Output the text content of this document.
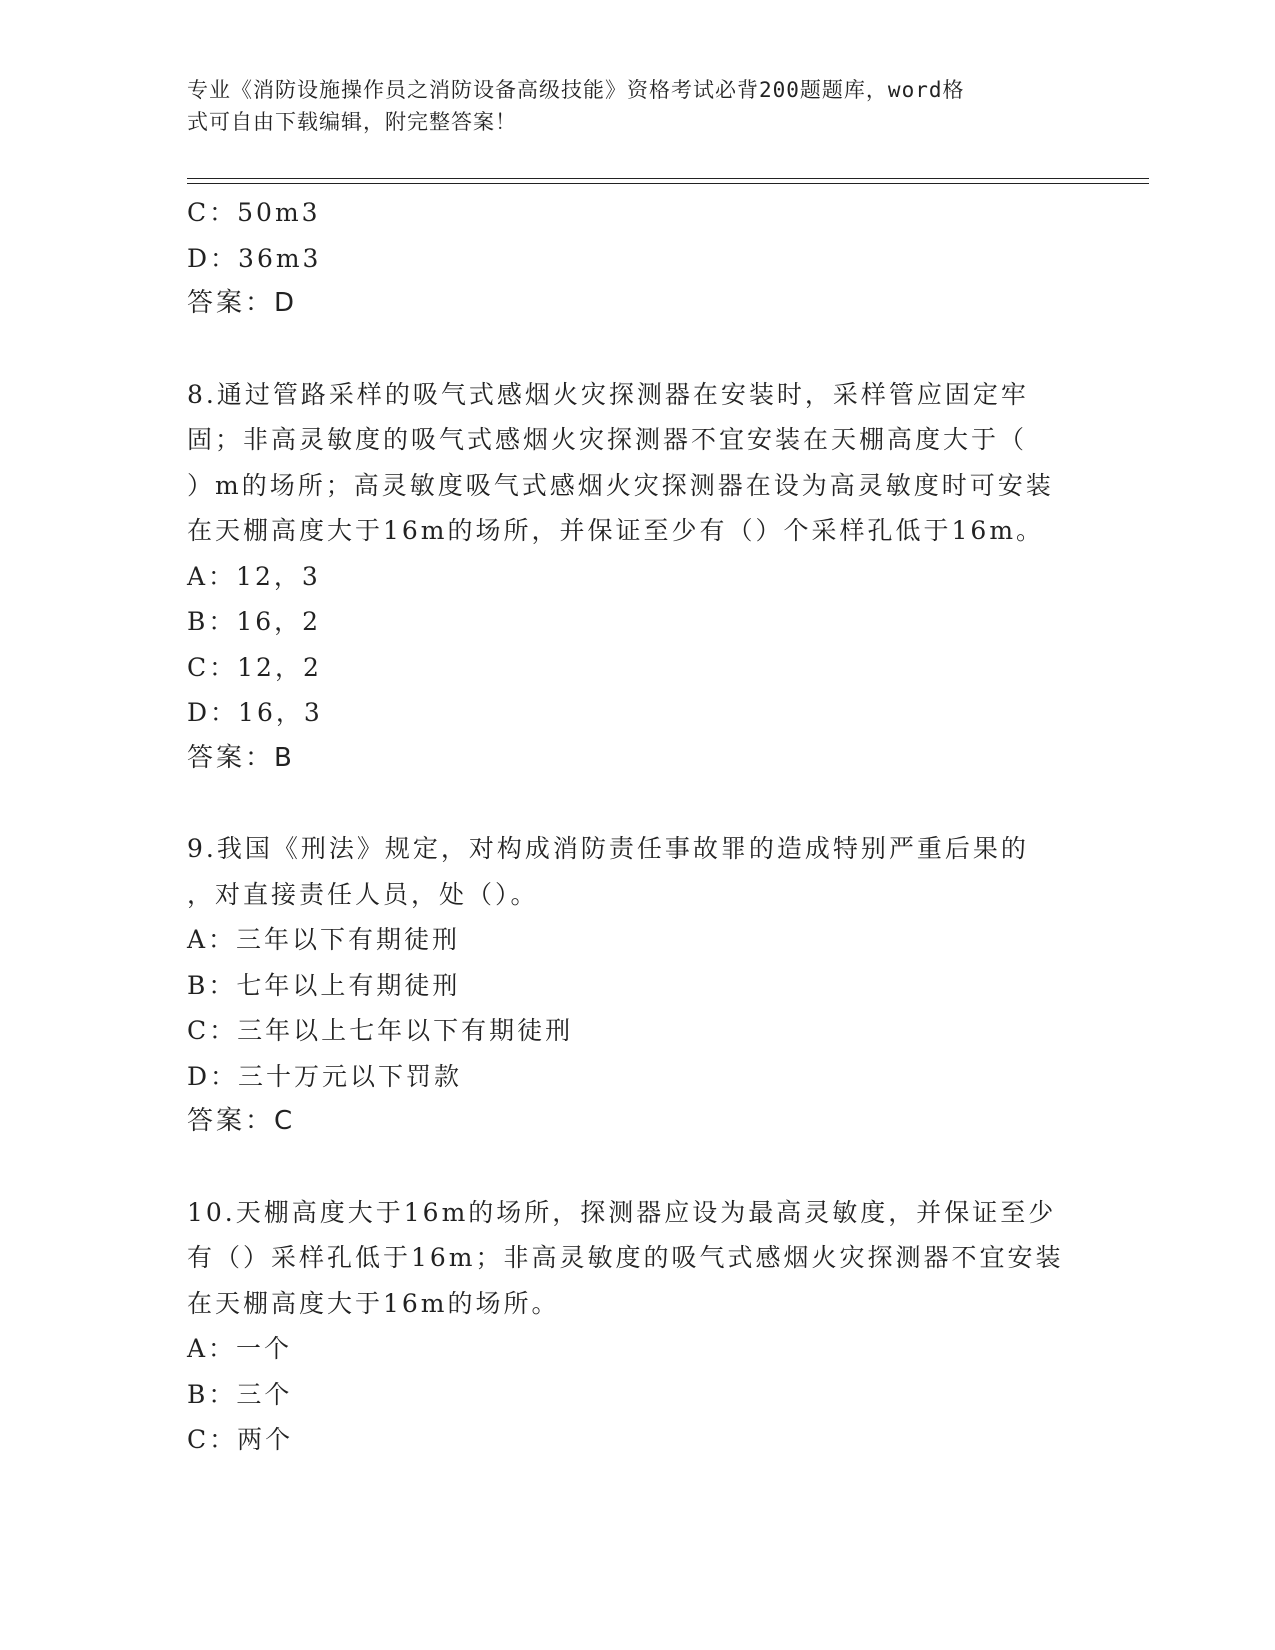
专业《消防设施操作员之消防设备高级技能》资格考试必背200题题库，word格
式可自由下载编辑，附完整答案！
C：50m3
D：36m3
答案：D
8.通过管路采样的吸气式感烟火灾探测器在安装时，采样管应固定牢
固；非高灵敏度的吸气式感烟火灾探测器不宜安装在天棚高度大于（
）m的场所；高灵敏度吸气式感烟火灾探测器在设为高灵敏度时可安装
在天棚高度大于16m的场所，并保证至少有（）个采样孔低于16m。
A：12，3
B：16，2
C：12，2
D：16，3
答案：B
9.我国《刑法》规定，对构成消防责任事故罪的造成特别严重后果的
，对直接责任人员，处（）。
A：三年以下有期徒刑
B：七年以上有期徒刑
C：三年以上七年以下有期徒刑
D：三十万元以下罚款
答案：C
10.天棚高度大于16m的场所，探测器应设为最高灵敏度，并保证至少
有（）采样孔低于16m；非高灵敏度的吸气式感烟火灾探测器不宜安装
在天棚高度大于16m的场所。
A：一个
B：三个
C：两个
